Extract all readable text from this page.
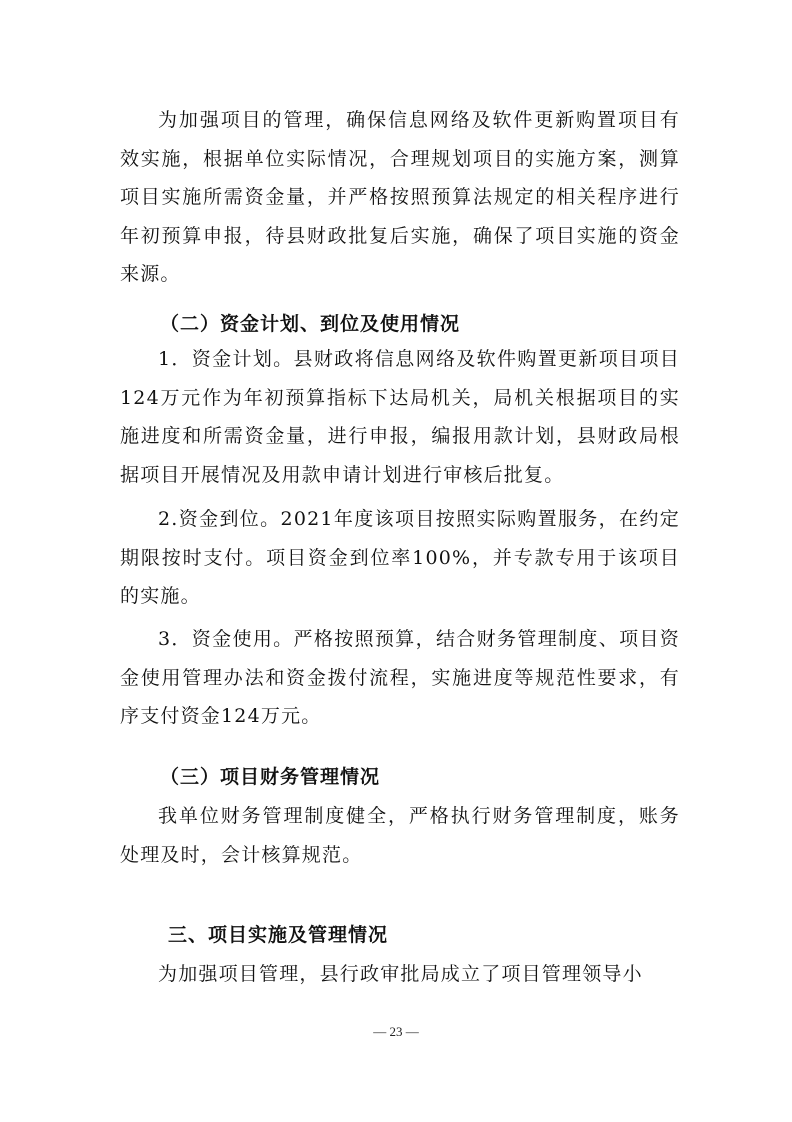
为加强项目的管理，确保信息网络及软件更新购置项目有效实施，根据单位实际情况，合理规划项目的实施方案，测算项目实施所需资金量，并严格按照预算法规定的相关程序进行年初预算申报，待县财政批复后实施，确保了项目实施的资金来源。

（二）资金计划、到位及使用情况

1．资金计划。县财政将信息网络及软件购置更新项目项目124万元作为年初预算指标下达局机关，局机关根据项目的实施进度和所需资金量，进行申报，编报用款计划，县财政局根据项目开展情况及用款申请计划进行审核后批复。

2.资金到位。2021年度该项目按照实际购置服务，在约定期限按时支付。项目资金到位率100%，并专款专用于该项目的实施。

3．资金使用。严格按照预算，结合财务管理制度、项目资金使用管理办法和资金拨付流程，实施进度等规范性要求，有序支付资金124万元。

（三）项目财务管理情况

我单位财务管理制度健全，严格执行财务管理制度，账务处理及时，会计核算规范。

三、项目实施及管理情况

为加强项目管理，县行政审批局成立了项目管理领导小

— 23 —
